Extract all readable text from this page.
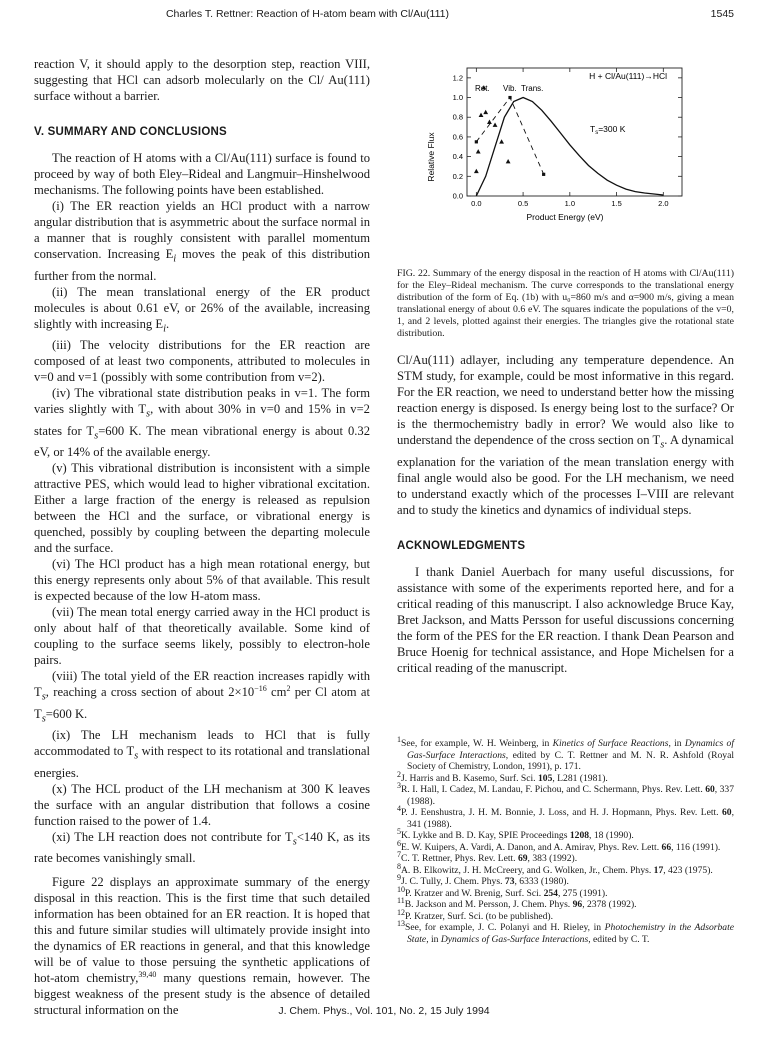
Charles T. Rettner: Reaction of H-atom beam with Cl/Au(111)	1545

reaction V, it should apply to the desorption step, reaction VIII, suggesting that HCl can adsorb molecularly on the Cl/ Au(111) surface without a barrier.

V. SUMMARY AND CONCLUSIONS

The reaction of H atoms with a Cl/Au(111) surface is found to proceed by way of both Eley–Rideal and Langmuir–Hinshelwood mechanisms. The following points have been established.

(i) The ER reaction yields an HCl product with a narrow angular distribution that is asymmetric about the surface normal in a manner that is roughly consistent with parallel momentum conservation. Increasing $E_i$ moves the peak of this distribution further from the normal.

(ii) The mean translational energy of the ER product molecules is about 0.61 eV, or 26% of the available, increasing slightly with increasing $E_i$.

(iii) The velocity distributions for the ER reaction are composed of at least two components, attributed to molecules in v=0 and v=1 (possibly with some contribution from v=2).

(iv) The vibrational state distribution peaks in v=1. The form varies slightly with $T_s$, with about 30% in v=0 and 15% in v=2 states for $T_s=600$ K. The mean vibrational energy is about 0.32 eV, or 14% of the available energy.

(v) This vibrational distribution is inconsistent with a simple attractive PES, which would lead to higher vibrational excitation. Either a large fraction of the energy is released as repulsion between the HCl and the surface, or vibrational energy is quenched, possibly by coupling between the departing molecule and the surface.

(vi) The HCl product has a high mean rotational energy, but this energy represents only about 5% of that available. This result is expected because of the low H-atom mass.

(vii) The mean total energy carried away in the HCl product is only about half of that theoretically available. Some kind of coupling to the surface seems likely, possibly to electron-hole pairs.

(viii) The total yield of the ER reaction increases rapidly with $T_s$, reaching a cross section of about $2\times 10^{-16}$ $cm^2$ per Cl atom at $T_s=600$ K.

(ix) The LH mechanism leads to HCl that is fully accommodated to $T_s$ with respect to its rotational and translational energies.

(x) The HCL product of the LH mechanism at 300 K leaves the surface with an angular distribution that follows a cosine function raised to the power of 1.4.

(xi) The LH reaction does not contribute for $T_s<140$ K, as its rate becomes vanishingly small.

Figure 22 displays an approximate summary of the energy disposal in this reaction. This is the first time that such detailed information has been obtained for an ER reaction. It is hoped that this and future similar studies will ultimately provide insight into the dynamics of ER reactions in general, and that this knowledge will be of value to those persuing the synthetic applications of hot-atom chemistry,$^{39,40}$ many questions remain, however. The biggest weakness of the present study is the absence of detailed structural information on the

0.0	0.5	1.0	1.5	2.0
0.0
0.2
0.4
0.6
0.8
1.0
1.2	H + Cl/Au(111)→HCl
Rot. Vib. Trans.
$T_s=300$ K
Relative Flux
Product Energy (eV)
FIG. 22. Summary of the energy disposal in the reaction of H atoms with Cl/Au(111) for the Eley–Rideal mechanism. The curve corresponds to the translational energy distribution of the form of Eq. (1b) with u₀=860 m/s and α=900 m/s, giving a mean translational energy of about 0.6 eV. The squares indicate the populations of the v=0, 1, and 2 levels, plotted against their energies. The triangles give the rotational state distribution.

Cl/Au(111) adlayer, including any temperature dependence. An STM study, for example, could be most informative in this regard. For the ER reaction, we need to understand better how the missing reaction energy is disposed. Is energy being lost to the surface? Or is the thermochemistry badly in error? We would also like to understand the dependence of the cross section on $T_s$. A dynamical explanation for the variation of the mean translation energy with final angle would also be good. For the LH mechanism, we need to understand exactly which of the processes I–VIII are relevant and to study the kinetics and dynamics of individual steps.

ACKNOWLEDGMENTS

I thank Daniel Auerbach for many useful discussions, for assistance with some of the experiments reported here, and for a critical reading of this manuscript. I also acknowledge Bruce Kay, Bret Jackson, and Matts Persson for useful discussions concerning the form of the PES for the ER reaction. I thank Dean Pearson and Bruce Hoenig for technical assistance, and Hope Michelsen for a critical reading of the manuscript.

$^1$See, for example, W. H. Weinberg, in Kinetics of Surface Reactions, in Dynamics of Gas-Surface Interactions, edited by C. T. Rettner and M. N. R. Ashfold (Royal Society of Chemistry, London, 1991), p. 171.
$^2$J. Harris and B. Kasemo, Surf. Sci. 105, L281 (1981).
$^3$R. I. Hall, I. Cadez, M. Landau, F. Pichou, and C. Schermann, Phys. Rev. Lett. 60, 337 (1988).
$^4$P. J. Eenshustra, J. H. M. Bonnie, J. Loss, and H. J. Hopmann, Phys. Rev. Lett. 60, 341 (1988).
$^5$K. Lykke and B. D. Kay, SPIE Proceedings 1208, 18 (1990).
$^6$E. W. Kuipers, A. Vardi, A. Danon, and A. Amirav, Phys. Rev. Lett. 66, 116 (1991).
$^7$C. T. Rettner, Phys. Rev. Lett. 69, 383 (1992).
$^8$A. B. Elkowitz, J. H. McCreery, and G. Wolken, Jr., Chem. Phys. 17, 423 (1975).
$^9$J. C. Tully, J. Chem. Phys. 73, 6333 (1980).
$^{10}$P. Kratzer and W. Brenig, Surf. Sci. 254, 275 (1991).
$^{11}$B. Jackson and M. Persson, J. Chem. Phys. 96, 2378 (1992).
$^{12}$P. Kratzer, Surf. Sci. (to be published).
$^{13}$See, for example, J. C. Polanyi and H. Rieley, in Photochemistry in the Adsorbate State, in Dynamics of Gas-Surface Interactions, edited by C. T.
J. Chem. Phys., Vol. 101, No. 2, 15 July 1994
